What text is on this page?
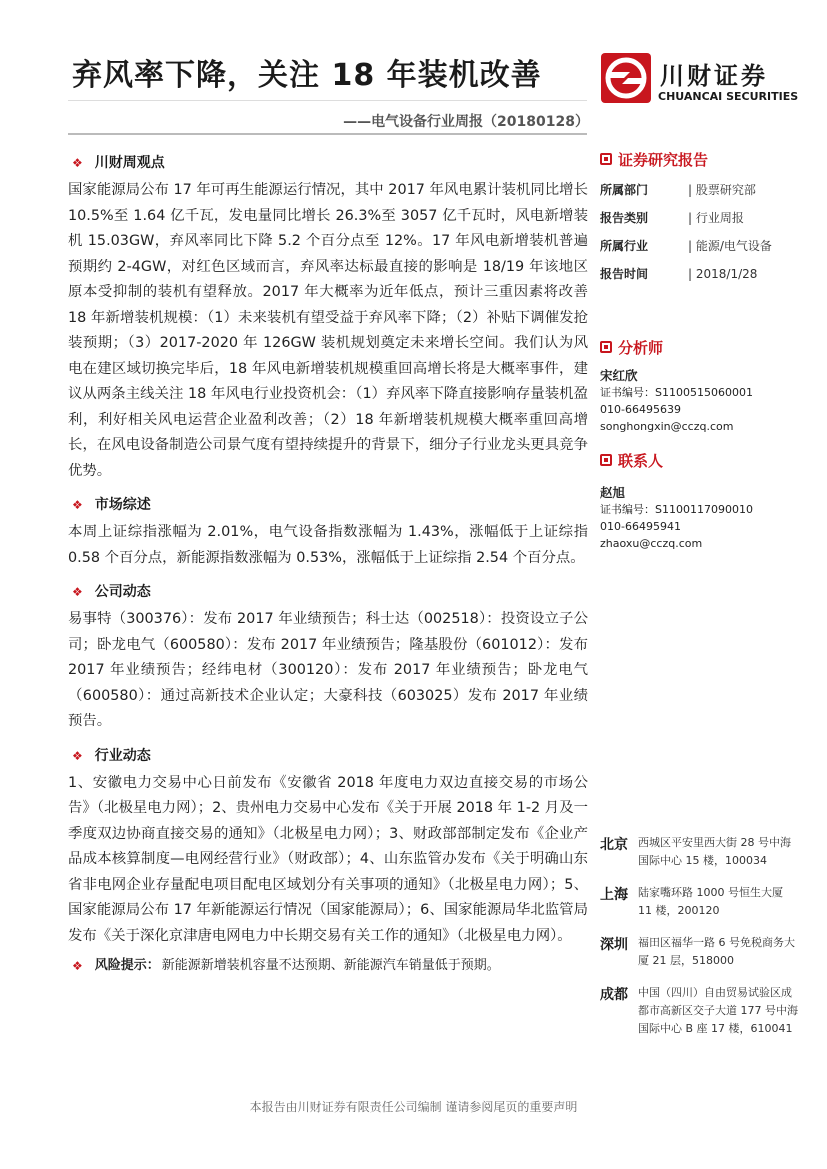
弃风率下降，关注 18 年装机改善
——电气设备行业周报（20180128）
川财证券
CHUANCAI SECURITIES
❖ 川财周观点

国家能源局公布 17 年可再生能源运行情况，其中 2017 年风电累计装机同比增长 10.5%至 1.64 亿千瓦，发电量同比增长 26.3%至 3057 亿千瓦时，风电新增装机 15.03GW，弃风率同比下降 5.2 个百分点至 12%。17 年风电新增装机普遍预期约 2-4GW，对红色区域而言，弃风率达标最直接的影响是 18/19 年该地区原本受抑制的装机有望释放。2017 年大概率为近年低点，预计三重因素将改善 18 年新增装机规模：（1）未来装机有望受益于弃风率下降；（2）补贴下调催发抢装预期；（3）2017-2020 年 126GW 装机规划奠定未来增长空间。我们认为风电在建区域切换完毕后，18 年风电新增装机规模重回高增长将是大概率事件，建议从两条主线关注 18 年风电行业投资机会：（1）弃风率下降直接影响存量装机盈利，利好相关风电运营企业盈利改善；（2）18 年新增装机规模大概率重回高增长，在风电设备制造公司景气度有望持续提升的背景下，细分子行业龙头更具竞争优势。

❖ 市场综述

本周上证综指涨幅为 2.01%，电气设备指数涨幅为 1.43%，涨幅低于上证综指 0.58 个百分点，新能源指数涨幅为 0.53%，涨幅低于上证综指 2.54 个百分点。

❖ 公司动态

易事特（300376）：发布 2017 年业绩预告；科士达（002518）：投资设立子公司；卧龙电气（600580）：发布 2017 年业绩预告；隆基股份（601012）：发布 2017 年业绩预告；经纬电材（300120）：发布 2017 年业绩预告；卧龙电气（600580）：通过高新技术企业认定；大豪科技（603025）发布 2017 年业绩预告。

❖ 行业动态

1、安徽电力交易中心日前发布《安徽省 2018 年度电力双边直接交易的市场公告》（北极星电力网）；2、贵州电力交易中心发布《关于开展 2018 年 1-2 月及一季度双边协商直接交易的通知》（北极星电力网）；3、财政部部制定发布《企业产品成本核算制度—电网经营行业》（财政部）；4、山东监管办发布《关于明确山东省非电网企业存量配电项目配电区域划分有关事项的通知》（北极星电力网）；5、国家能源局公布 17 年新能源运行情况（国家能源局）；6、国家能源局华北监管局发布《关于深化京津唐电网电力中长期交易有关工作的通知》（北极星电力网）。

❖ 风险提示： 新能源新增装机容量不达预期、新能源汽车销量低于预期。
证券研究报告
所属部门	| 股票研究部
报告类别	| 行业周报
所属行业	| 能源/电气设备
报告时间	| 2018/1/28
分析师
宋红欣
证书编号：S1100515060001
010-66495639
songhongxin@cczq.com
联系人
赵旭
证书编号：S1100117090010
010-66495941
zhaoxu@cczq.com
北京 西城区平安里西大街 28 号中海国际中心 15 楼，100034
上海 陆家嘴环路 1000 号恒生大厦 11 楼，200120
深圳 福田区福华一路 6 号免税商务大厦 21 层，518000
成都 中国（四川）自由贸易试验区成都市高新区交子大道 177 号中海国际中心 B 座 17 楼，610041
本报告由川财证券有限责任公司编制 谨请参阅尾页的重要声明
